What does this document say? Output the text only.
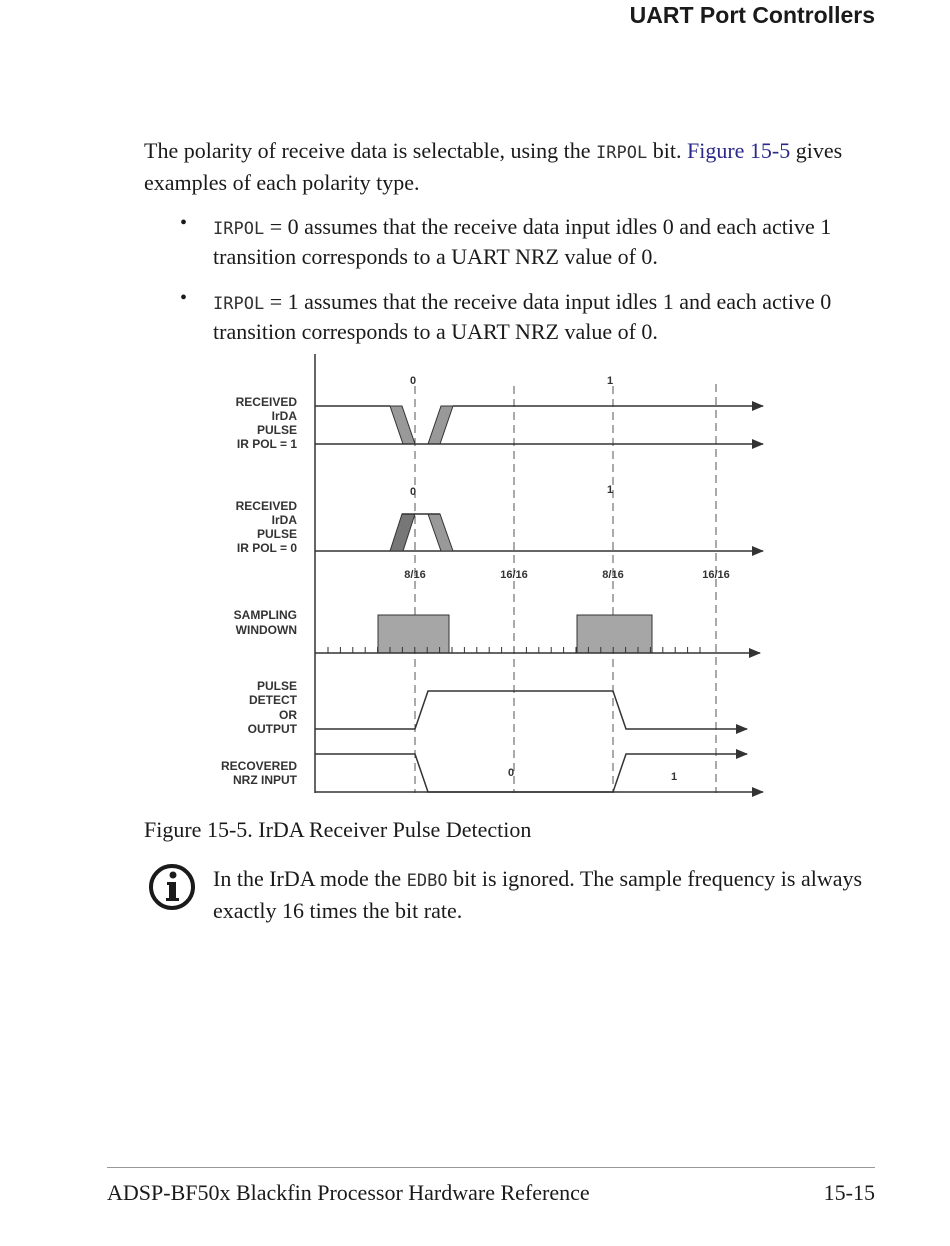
UART Port Controllers
The polarity of receive data is selectable, using the IRPOL bit. Figure 15-5 gives examples of each polarity type.
• IRPOL = 0 assumes that the receive data input idles 0 and each active 1 transition corresponds to a UART NRZ value of 0.
• IRPOL = 1 assumes that the receive data input idles 1 and each active 0 transition corresponds to a UART NRZ value of 0.
RECEIVED IrDA PULSE IR POL = 1
RECEIVED IrDA PULSE IR POL = 0
SAMPLING WINDOWN
PULSE DETECT OR OUTPUT
RECOVERED NRZ INPUT
0	1
0	1
8/16	16/16	8/16	16/16
0	1
Figure 15-5. IrDA Receiver Pulse Detection
In the IrDA mode the EDBO bit is ignored. The sample frequency is always exactly 16 times the bit rate.
ADSP-BF50x Blackfin Processor Hardware Reference	15-15
